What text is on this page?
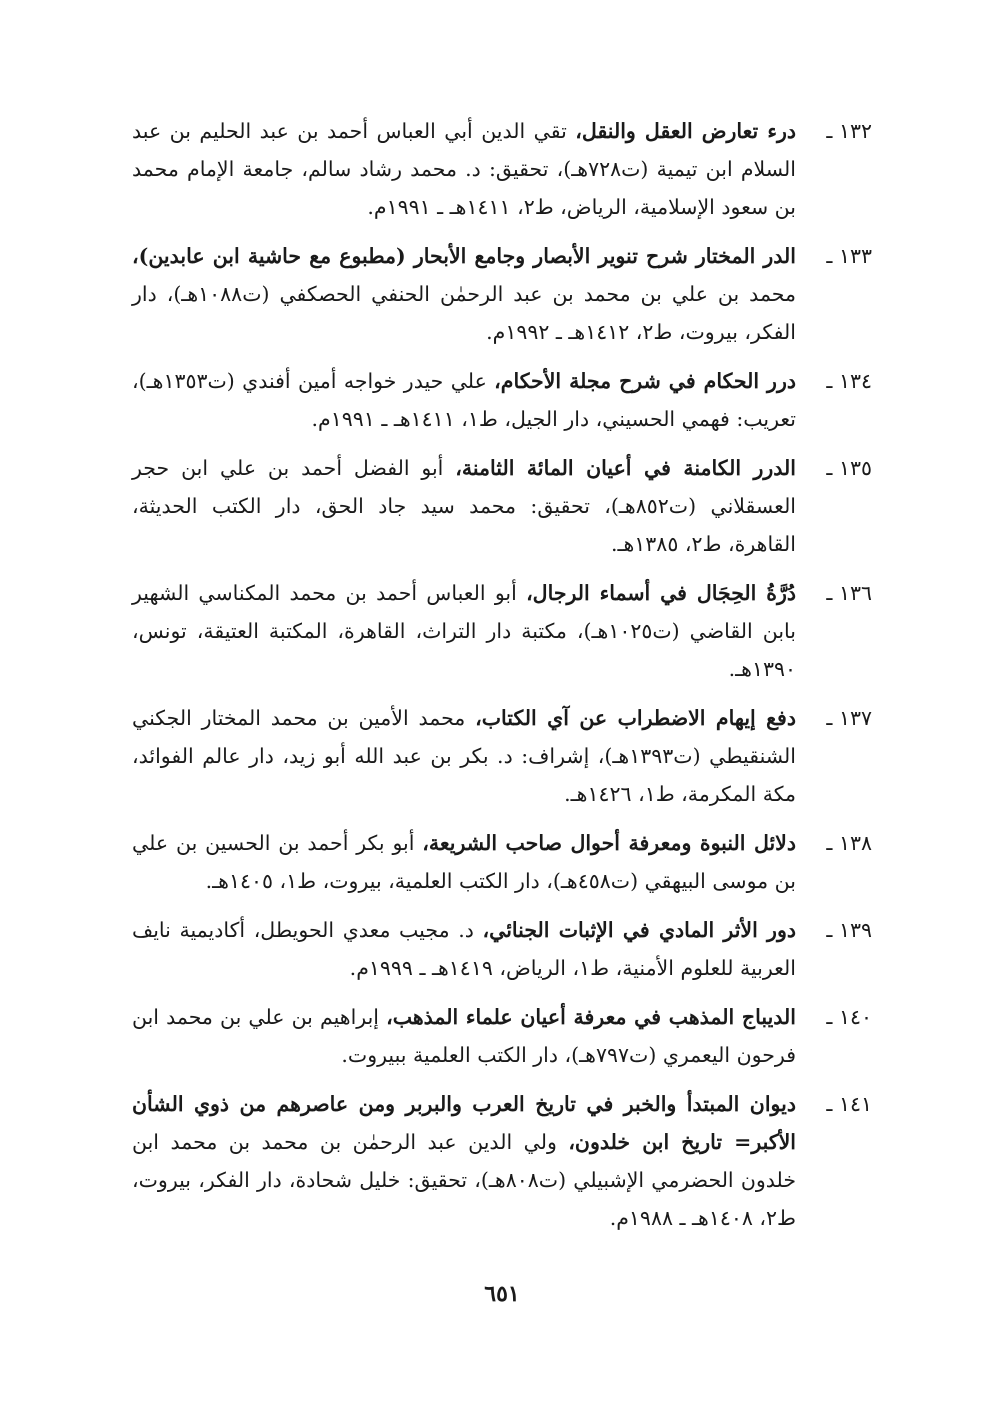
١٣٢ ـ
درء تعارض العقل والنقل، تقي الدين أبي العباس أحمد بن عبد الحليم بن عبد السلام ابن تيمية (ت٧٢٨هـ)، تحقيق: د. محمد رشاد سالم، جامعة الإمام محمد بن سعود الإسلامية، الرياض، ط٢، ١٤١١هـ ـ ١٩٩١م.
١٣٣ ـ
الدر المختار شرح تنوير الأبصار وجامع الأبحار (مطبوع مع حاشية ابن عابدين)، محمد بن علي بن محمد بن عبد الرحمٰن الحنفي الحصكفي (ت١٠٨٨هـ)، دار الفكر، بيروت، ط٢، ١٤١٢هـ ـ ١٩٩٢م.
١٣٤ ـ
درر الحكام في شرح مجلة الأحكام، علي حيدر خواجه أمين أفندي (ت١٣٥٣هـ)، تعريب: فهمي الحسيني، دار الجيل، ط١، ١٤١١هـ ـ ١٩٩١م.
١٣٥ ـ
الدرر الكامنة في أعيان المائة الثامنة، أبو الفضل أحمد بن علي ابن حجر العسقلاني (ت٨٥٢هـ)، تحقيق: محمد سيد جاد الحق، دار الكتب الحديثة، القاهرة، ط٢، ١٣٨٥هـ.
١٣٦ ـ
دُرَّةُ الحِجَال في أسماء الرجال، أبو العباس أحمد بن محمد المكناسي الشهير بابن القاضي (ت١٠٢٥هـ)، مكتبة دار التراث، القاهرة، المكتبة العتيقة، تونس، ١٣٩٠هـ.
١٣٧ ـ
دفع إيهام الاضطراب عن آي الكتاب، محمد الأمين بن محمد المختار الجكني الشنقيطي (ت١٣٩٣هـ)، إشراف: د. بكر بن عبد الله أبو زيد، دار عالم الفوائد، مكة المكرمة، ط١، ١٤٢٦هـ.
١٣٨ ـ
دلائل النبوة ومعرفة أحوال صاحب الشريعة، أبو بكر أحمد بن الحسين بن علي بن موسى البيهقي (ت٤٥٨هـ)، دار الكتب العلمية، بيروت، ط١، ١٤٠٥هـ.
١٣٩ ـ
دور الأثر المادي في الإثبات الجنائي، د. مجيب معدي الحويطل، أكاديمية نايف العربية للعلوم الأمنية، ط١، الرياض، ١٤١٩هـ ـ ١٩٩٩م.
١٤٠ ـ
الديباج المذهب في معرفة أعيان علماء المذهب، إبراهيم بن علي بن محمد ابن فرحون اليعمري (ت٧٩٧هـ)، دار الكتب العلمية ببيروت.
١٤١ ـ
ديوان المبتدأ والخبر في تاريخ العرب والبربر ومن عاصرهم من ذوي الشأن الأكبر= تاريخ ابن خلدون، ولي الدين عبد الرحمٰن بن محمد بن محمد ابن خلدون الحضرمي الإشبيلي (ت٨٠٨هـ)، تحقيق: خليل شحادة، دار الفكر، بيروت، ط٢، ١٤٠٨هـ ـ ١٩٨٨م.
٦٥١
